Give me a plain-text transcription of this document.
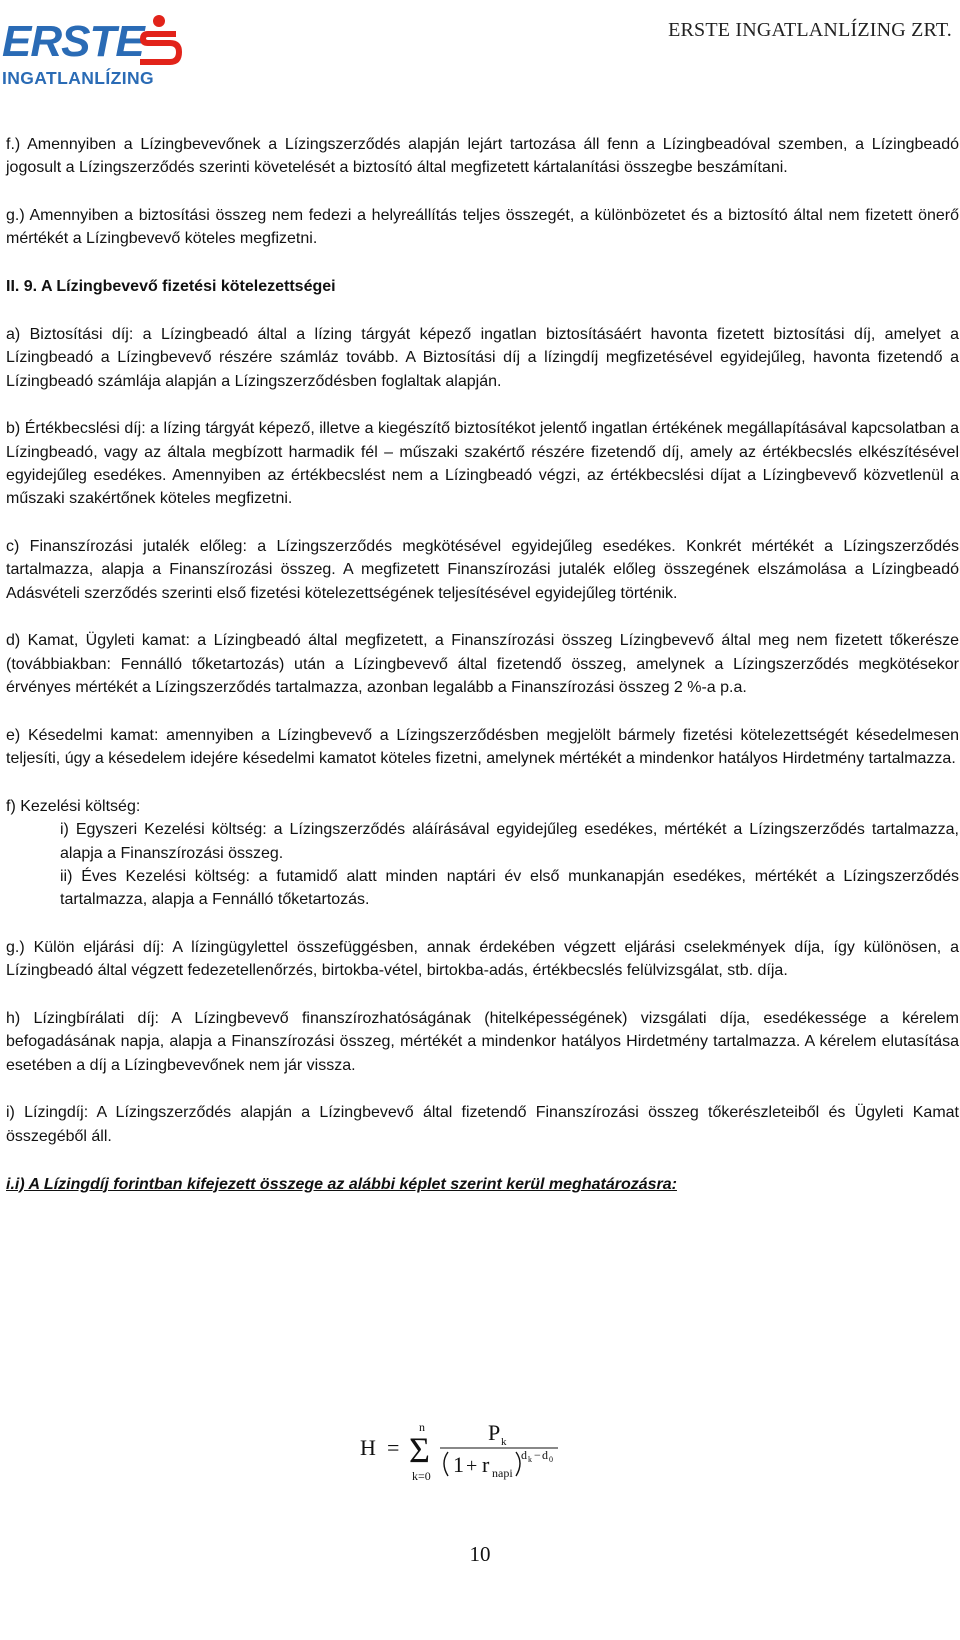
ERSTE
INGATLANLÍZING
ERSTE INGATLANLÍZING ZRT.

f.) Amennyiben a Lízingbevevőnek a Lízingszerződés alapján lejárt tartozása áll fenn a Lízingbeadóval szemben, a Lízingbeadó jogosult a Lízingszerződés szerinti követelését a biztosító által megfizetett kártalanítási összegbe beszámítani.

g.) Amennyiben a biztosítási összeg nem fedezi a helyreállítás teljes összegét, a különbözetet és a biztosító által nem fizetett önerő mértékét a Lízingbevevő köteles megfizetni.

II. 9. A Lízingbevevő fizetési kötelezettségei

a) Biztosítási díj: a Lízingbeadó által a lízing tárgyát képező ingatlan biztosításáért havonta fizetett biztosítási díj, amelyet a Lízingbeadó a Lízingbevevő részére számláz tovább. A Biztosítási díj a lízingdíj megfizetésével egyidejűleg, havonta fizetendő a Lízingbeadó számlája alapján a Lízingszerződésben foglaltak alapján.

b) Értékbecslési díj: a lízing tárgyát képező, illetve a kiegészítő biztosítékot jelentő ingatlan értékének megállapításával kapcsolatban a Lízingbeadó, vagy az általa megbízott harmadik fél – műszaki szakértő részére fizetendő díj, amely az értékbecslés elkészítésével egyidejűleg esedékes. Amennyiben az értékbecslést nem a Lízingbeadó végzi, az értékbecslési díjat a Lízingbevevő közvetlenül a műszaki szakértőnek köteles megfizetni.

c) Finanszírozási jutalék előleg: a Lízingszerződés megkötésével egyidejűleg esedékes. Konkrét mértékét a Lízingszerződés tartalmazza, alapja a Finanszírozási összeg. A megfizetett Finanszírozási jutalék előleg összegének elszámolása a Lízingbeadó Adásvételi szerződés szerinti első fizetési kötelezettségének teljesítésével egyidejűleg történik.

d) Kamat, Ügyleti kamat: a Lízingbeadó által megfizetett, a Finanszírozási összeg Lízingbevevő által meg nem fizetett tőkerésze (továbbiakban: Fennálló tőketartozás) után a Lízingbevevő által fizetendő összeg, amelynek a Lízingszerződés megkötésekor érvényes mértékét a Lízingszerződés tartalmazza, azonban legalább a Finanszírozási összeg 2 %-a p.a.

e) Késedelmi kamat: amennyiben a Lízingbevevő a Lízingszerződésben megjelölt bármely fizetési kötelezettségét késedelmesen teljesíti, úgy a késedelem idejére késedelmi kamatot köteles fizetni, amelynek mértékét a mindenkor hatályos Hirdetmény tartalmazza.

f) Kezelési költség:

i) Egyszeri Kezelési költség: a Lízingszerződés aláírásával egyidejűleg esedékes, mértékét a Lízingszerződés tartalmazza, alapja a Finanszírozási összeg.

ii) Éves Kezelési költség: a futamidő alatt minden naptári év első munkanapján esedékes, mértékét a Lízingszerződés tartalmazza, alapja a Fennálló tőketartozás.

g.) Külön eljárási díj: A lízingügylettel összefüggésben, annak érdekében végzett eljárási cselekmények díja, így különösen, a Lízingbeadó által végzett fedezetellenőrzés, birtokba-vétel, birtokba-adás, értékbecslés felülvizsgálat, stb. díja.

h) Lízingbírálati díj: A Lízingbevevő finanszírozhatóságának (hitelképességének) vizsgálati díja, esedékessége a kérelem befogadásának napja, alapja a Finanszírozási összeg, mértékét a mindenkor hatályos Hirdetmény tartalmazza. A kérelem elutasítása esetében a díj a Lízingbevevőnek nem jár vissza.

i) Lízingdíj: A Lízingszerződés alapján a Lízingbevevő által fizetendő Finanszírozási összeg tőkerészleteiből és Ügyleti Kamat összegéből áll.

i.i) A Lízingdíj forintban kifejezett összege az alábbi képlet szerint kerül meghatározásra:

H =
n
Σ
k=0
P k
1 + r napi
d k − d 0
10
